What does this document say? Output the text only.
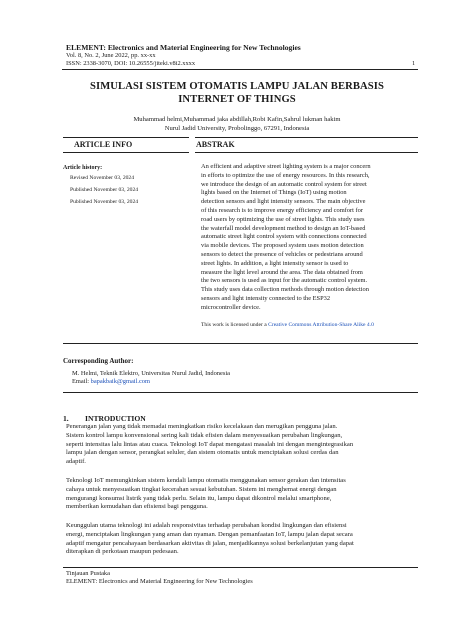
ELEMENT: Electronics and Material Engineering for New Technologies
Vol. 8, No. 2, June 2022, pp. xx-xx
ISSN: 2338-3070, DOI: 10.26555/jiteki.v8i2.xxxx	1
SIMULASI SISTEM OTOMATIS LAMPU JALAN BERBASIS
INTERNET OF THINGS
Muhammad helmi,Muhammad jaka abdillah,Robi Kafin,Sahrul lukman hakim
Nurul Jadid University, Probolinggo, 67291, Indonesia
ARTICLE INFO	ABSTRAK
Article history:
Revised November 03, 2024
Published November 03, 2024
Published November 03, 2024
An efficient and adaptive street lighting system is a major concern
in efforts to optimize the use of energy resources. In this research,
we introduce the design of an automatic control system for street
lights based on the Internet of Things (IoT) using motion
detection sensors and light intensity sensors. The main objective
of this research is to improve energy efficiency and comfort for
road users by optimizing the use of street lights. This study uses
the waterfall model development method to design an IoT-based
automatic street light control system with connections connected
via mobile devices. The proposed system uses motion detection
sensors to detect the presence of vehicles or pedestrians around
street lights. In addition, a light intensity sensor is used to
measure the light level around the area. The data obtained from
the two sensors is used as input for the automatic control system.
This study uses data collection methods through motion detection
sensors and light intensity connected to the ESP32
microcontroller device.
This work is licensed under a Creative Commons Attribution-Share Alike 4.0
Corresponding Author:
M. Helmi, Teknik Elektro, Universitas Nurul Jadid, Indonesia
Email: bapakbaik@gmail.com
1. INTRODUCTION
Penerangan jalan yang tidak memadai meningkatkan risiko kecelakaan dan merugikan pengguna jalan.
Sistem kontrol lampu konvensional sering kali tidak efisien dalam menyesuaikan perubahan lingkungan,
seperti intensitas lalu lintas atau cuaca. Teknologi IoT dapat mengatasi masalah ini dengan mengintegrasikan
lampu jalan dengan sensor, perangkat seluler, dan sistem otomatis untuk menciptakan solusi cerdas dan
adaptif.
Teknologi IoT memungkinkan sistem kendali lampu otomatis menggunakan sensor gerakan dan intensitas
cahaya untuk menyesuaikan tingkat kecerahan sesuai kebutuhan. Sistem ini menghemat energi dengan
mengurangi konsumsi listrik yang tidak perlu. Selain itu, lampu dapat dikontrol melalui smartphone,
memberikan kemudahan dan efisiensi bagi pengguna.
Keunggulan utama teknologi ini adalah responsivitas terhadap perubahan kondisi lingkungan dan efisiensi
energi, menciptakan lingkungan yang aman dan nyaman. Dengan pemanfaatan IoT, lampu jalan dapat secara
adaptif mengatur pencahayaan berdasarkan aktivitas di jalan, menjadikannya solusi berkelanjutan yang dapat
diterapkan di perkotaan maupun pedesaan.
Tinjauan Pustaka
ELEMENT: Electronics and Material Engineering for New Technologies
